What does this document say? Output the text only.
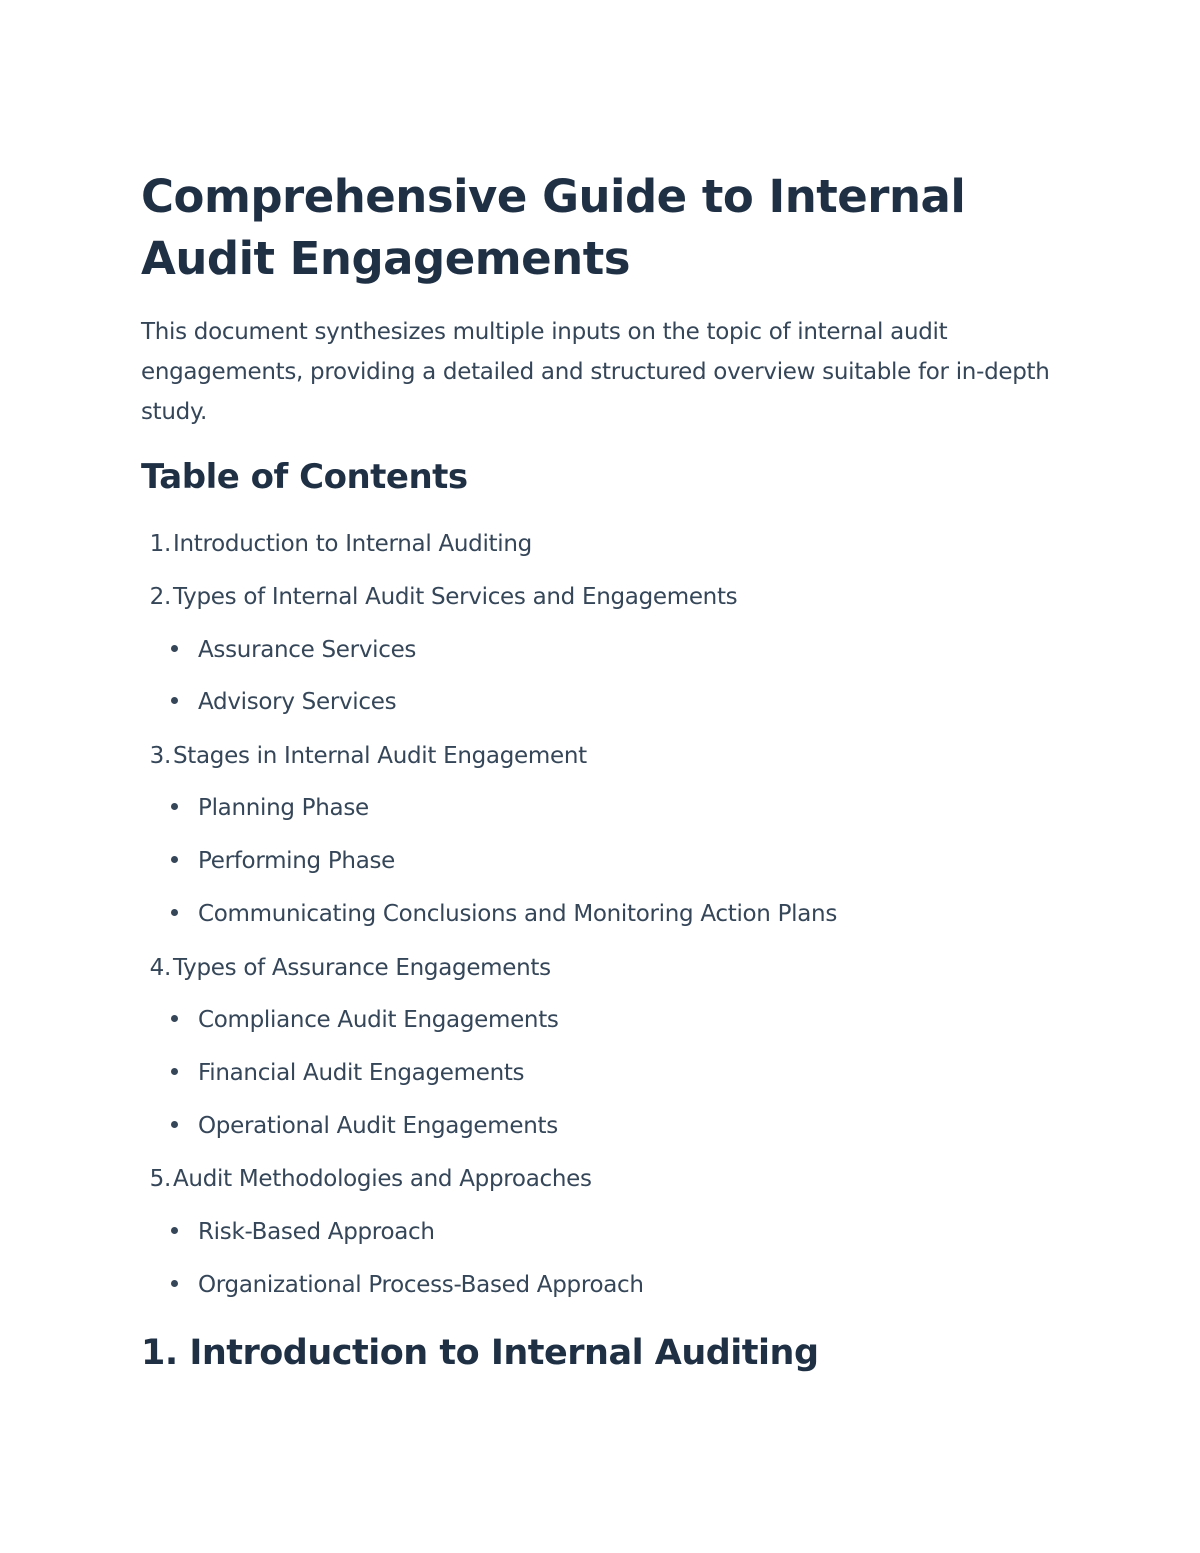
Comprehensive Guide to Internal Audit Engagements

This document synthesizes multiple inputs on the topic of internal audit engagements, providing a detailed and structured overview suitable for in-depth study.

Table of Contents
1.Introduction to Internal Auditing
2.Types of Internal Audit Services and Engagements
Assurance Services
Advisory Services
3.Stages in Internal Audit Engagement
Planning Phase
Performing Phase
Communicating Conclusions and Monitoring Action Plans
4.Types of Assurance Engagements
Compliance Audit Engagements
Financial Audit Engagements
Operational Audit Engagements
5.Audit Methodologies and Approaches
Risk-Based Approach
Organizational Process-Based Approach
1. Introduction to Internal Auditing
